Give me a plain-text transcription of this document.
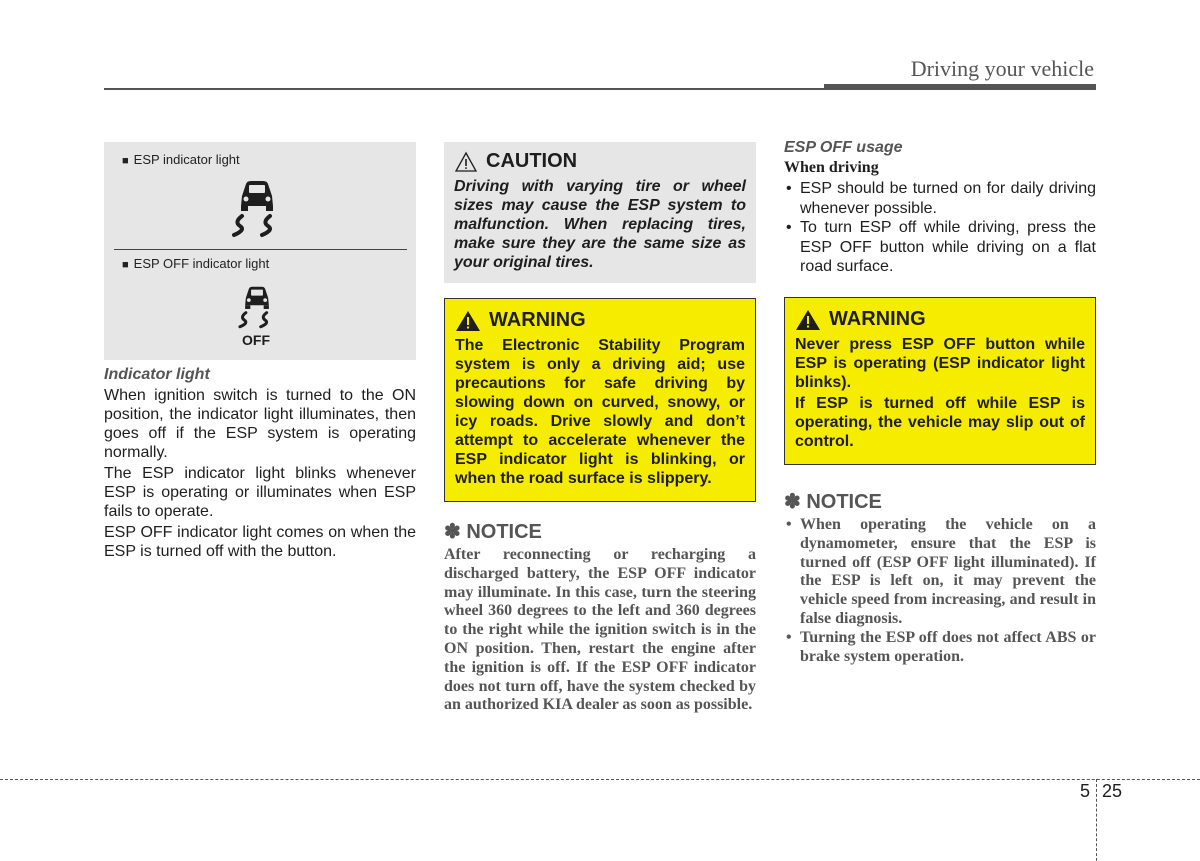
Driving your vehicle
■ ESP indicator light
■ ESP OFF indicator light
OFF
Indicator light

When ignition switch is turned to the ON position, the indicator light illuminates, then goes off if the ESP system is operating normally.

The ESP indicator light blinks whenever ESP is operating or illuminates when ESP fails to operate.

ESP OFF indicator light comes on when the ESP is turned off with the button.

CAUTION
Driving with varying tire or wheel sizes may cause the ESP system to malfunction. When replacing tires, make sure they are the same size as your original tires.
WARNING
The Electronic Stability Program system is only a driving aid; use precautions for safe driving by slowing down on curved, snowy, or icy roads. Drive slowly and don’t attempt to accelerate whenever the ESP indicator light is blinking, or when the road surface is slippery.
✽ NOTICE
After reconnecting or recharging a discharged battery, the ESP OFF indicator may illuminate. In this case, turn the steering wheel 360 degrees to the left and 360 degrees to the right while the ignition switch is in the ON position. Then, restart the engine after the ignition is off. If the ESP OFF indicator does not turn off, have the system checked by an authorized KIA dealer as soon as possible.
ESP OFF usage
When driving
• ESP should be turned on for daily driving whenever possible.
• To turn ESP off while driving, press the ESP OFF button while driving on a flat road surface.
WARNING

Never press ESP OFF button while ESP is operating (ESP indicator light blinks).

If ESP is turned off while ESP is operating, the vehicle may slip out of control.

✽ NOTICE
• When operating the vehicle on a dynamometer, ensure that the ESP is turned off (ESP OFF light illuminated). If the ESP is left on, it may prevent the vehicle speed from increasing, and result in false diagnosis.
• Turning the ESP off does not affect ABS or brake system operation.
5 25
